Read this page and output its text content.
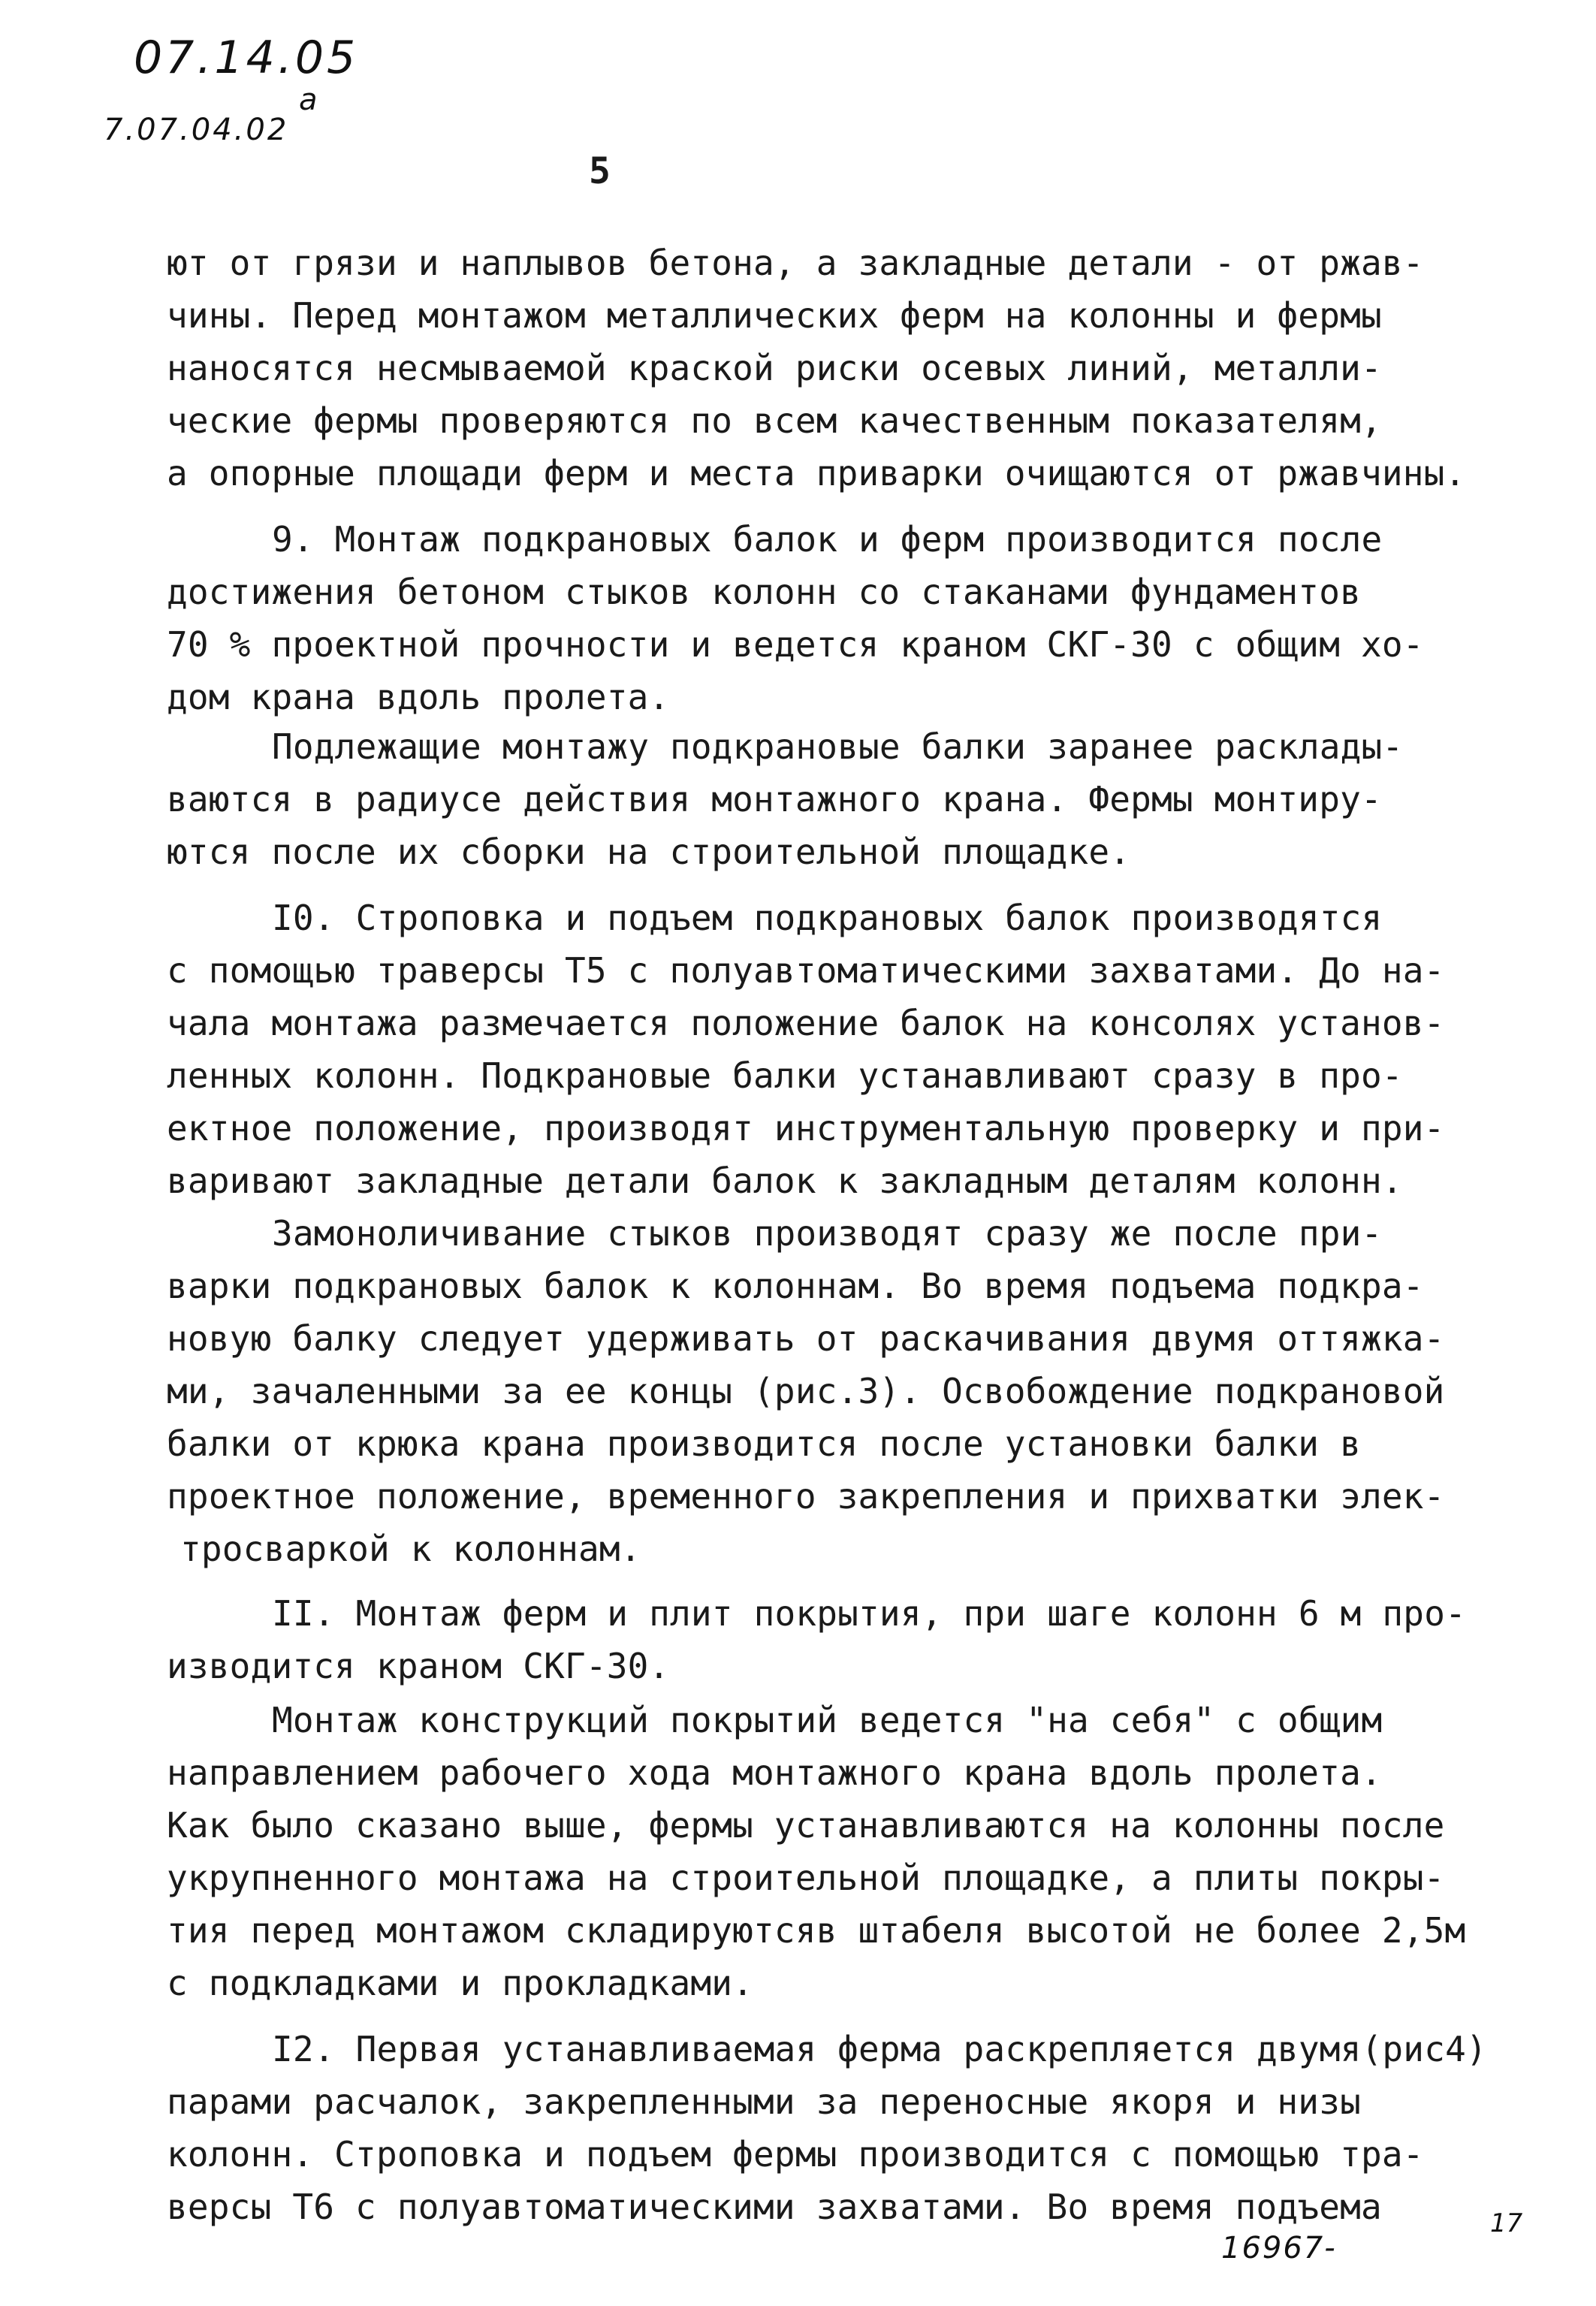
07.14.05
7.07.04.02
a
5
ют от грязи и наплывов бетона, а закладные детали - от ржав-
чины. Перед монтажом металлических ферм на колонны и фермы
наносятся несмываемой краской риски осевых линий, металли-
ческие фермы проверяются по всем качественным показателям,
а опорные площади ферм и места приварки очищаются от ржавчины.
9. Монтаж подкрановых балок и ферм производится после
достижения бетоном стыков колонн со стаканами фундаментов
70 % проектной прочности и ведется краном СКГ-30 с общим хо-
дом крана вдоль пролета.
Подлежащие монтажу подкрановые балки заранее расклады-
ваются в радиусе действия монтажного крана. Фермы монтиру-
ются после их сборки на строительной площадке.
I0. Строповка и подъем подкрановых балок производятся
с помощью траверсы Т5 с полуавтоматическими захватами. До на-
чала монтажа размечается положение балок на консолях установ-
ленных колонн. Подкрановые балки устанавливают сразу в про-
ектное положение, производят инструментальную проверку и при-
варивают закладные детали балок к закладным деталям колонн.
Замоноличивание стыков производят сразу же после при-
варки подкрановых балок к колоннам. Во время подъема подкра-
новую балку следует удерживать от раскачивания двумя оттяжка-
ми, зачаленными за ее концы (рис.3). Освобождение подкрановой
балки от крюка крана производится после установки балки в
проектное положение, временного закрепления и прихватки элек-
тросваркой к колоннам.
II. Монтаж ферм и плит покрытия, при шаге колонн 6 м про-
изводится краном СКГ-30.
Монтаж конструкций покрытий ведется "на себя" с общим
направлением рабочего хода монтажного крана вдоль пролета.
Как было сказано выше, фермы устанавливаются на колонны после
укрупненного монтажа на строительной площадке, а плиты покры-
тия перед монтажом складируютсяв штабеля высотой не более 2,5м
с подкладками и прокладками.
I2. Первая устанавливаемая ферма раскрепляется двумя(рис4)
парами расчалок, закрепленными за переносные якоря и низы
колонн. Строповка и подъем фермы производится с помощью тра-
версы Т6 с полуавтоматическими захватами. Во время подъема
16967-
17
